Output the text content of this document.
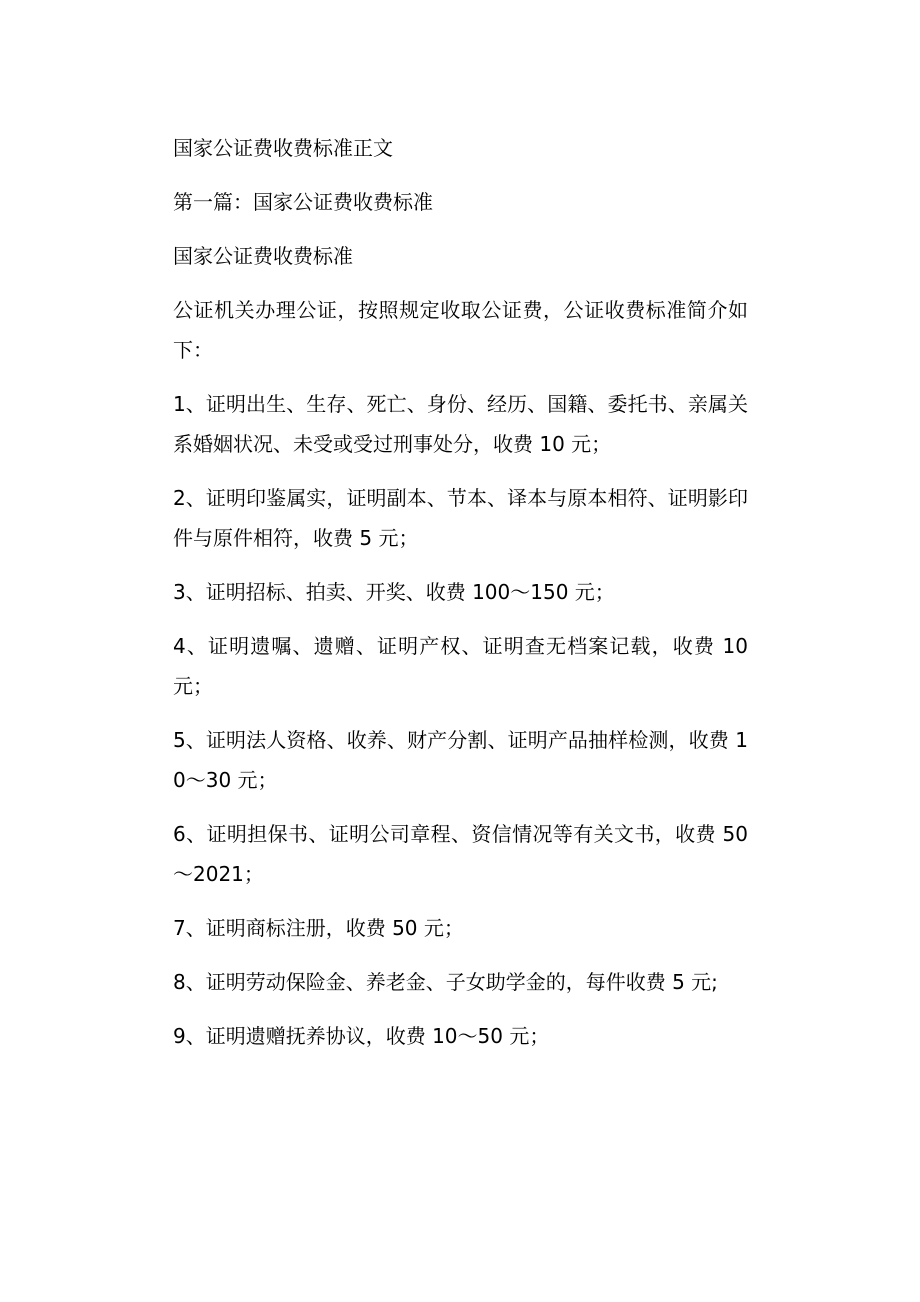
国家公证费收费标准正文

第一篇：国家公证费收费标准

国家公证费收费标准

公证机关办理公证，按照规定收取公证费，公证收费标准简介如下：

1、证明出生、生存、死亡、身份、经历、国籍、委托书、亲属关系婚姻状况、未受或受过刑事处分，收费 10 元；

2、证明印鉴属实，证明副本、节本、译本与原本相符、证明影印件与原件相符，收费 5 元；

3、证明招标、拍卖、开奖、收费 100～150 元；

4、证明遗嘱、遗赠、证明产权、证明查无档案记载，收费 10 元；

5、证明法人资格、收养、财产分割、证明产品抽样检测，收费 10～30 元；

6、证明担保书、证明公司章程、资信情况等有关文书，收费 50～2021；

7、证明商标注册，收费 50 元；

8、证明劳动保险金、养老金、子女助学金的，每件收费 5 元;

9、证明遗赠抚养协议，收费 10～50 元；
